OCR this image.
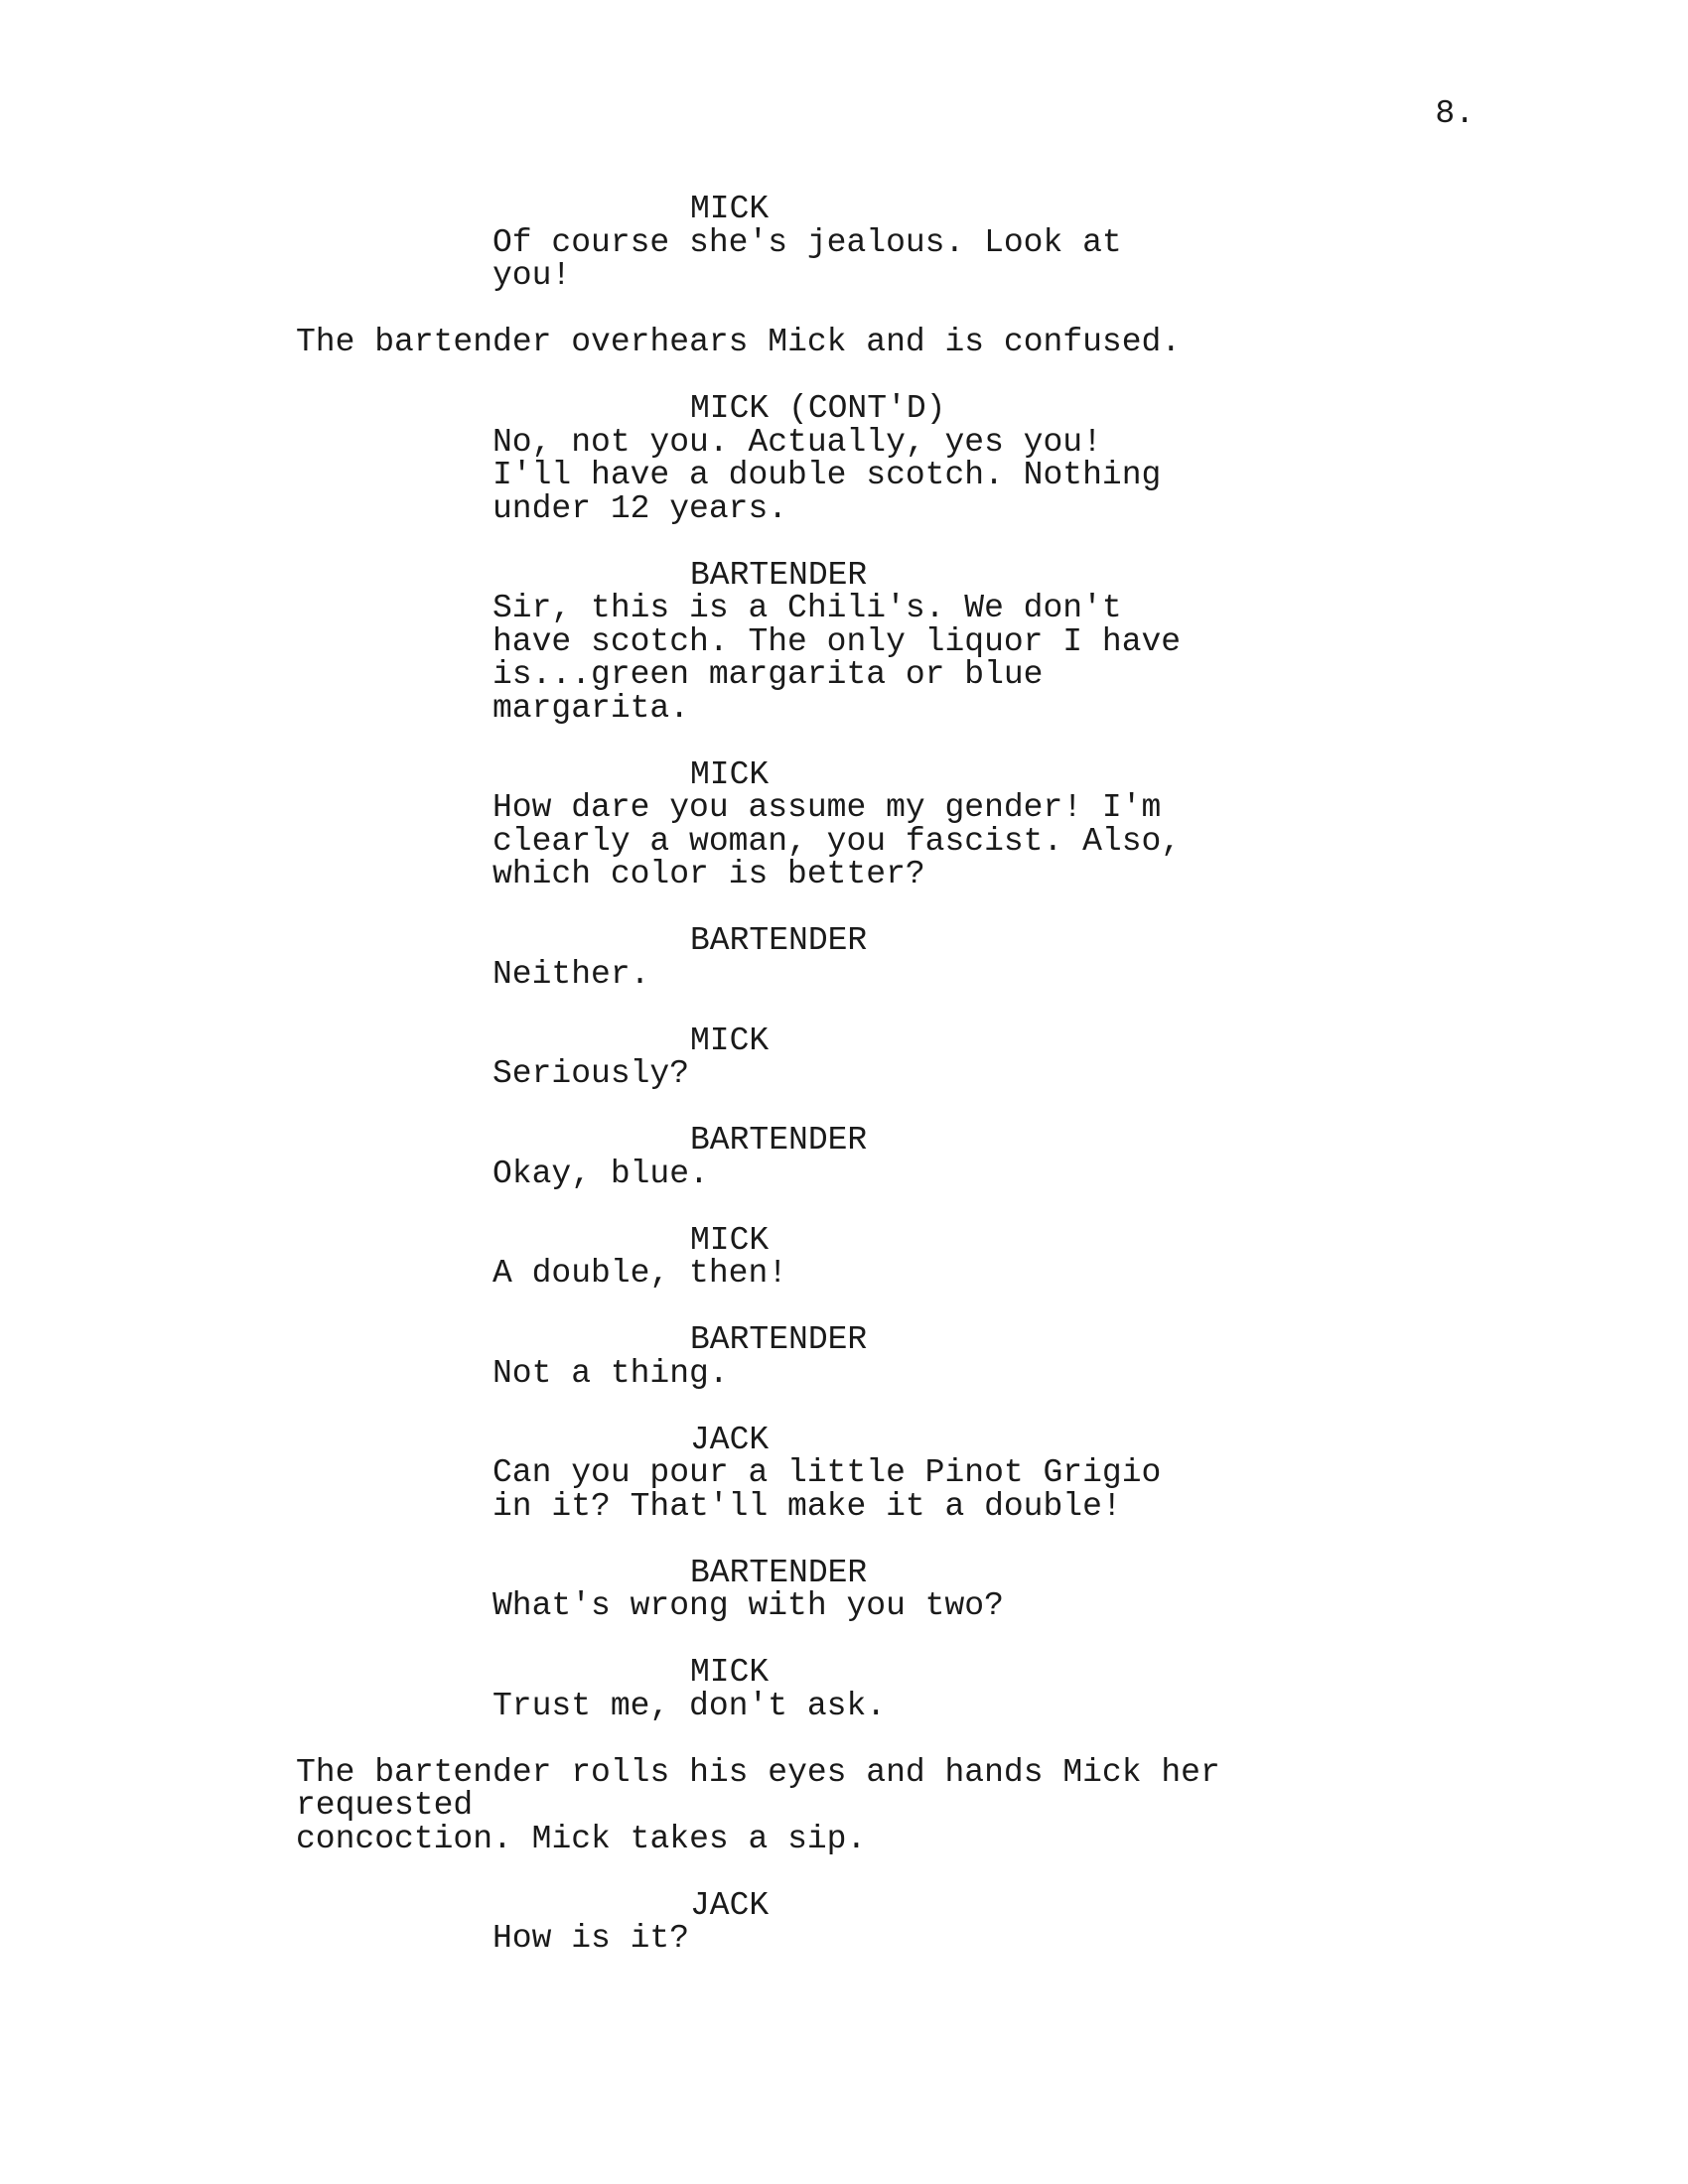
8.
MICK
Of course she's jealous. Look at
you!
The bartender overhears Mick and is confused.
MICK (CONT'D)
No, not you. Actually, yes you!
I'll have a double scotch. Nothing
under 12 years.
BARTENDER
Sir, this is a Chili's. We don't
have scotch. The only liquor I have
is...green margarita or blue
margarita.
MICK
How dare you assume my gender! I'm
clearly a woman, you fascist. Also,
which color is better?
BARTENDER
Neither.
MICK
Seriously?
BARTENDER
Okay, blue.
MICK
A double, then!
BARTENDER
Not a thing.
JACK
Can you pour a little Pinot Grigio
in it? That'll make it a double!
BARTENDER
What's wrong with you two?
MICK
Trust me, don't ask.
The bartender rolls his eyes and hands Mick her requested
concoction. Mick takes a sip.
JACK
How is it?
